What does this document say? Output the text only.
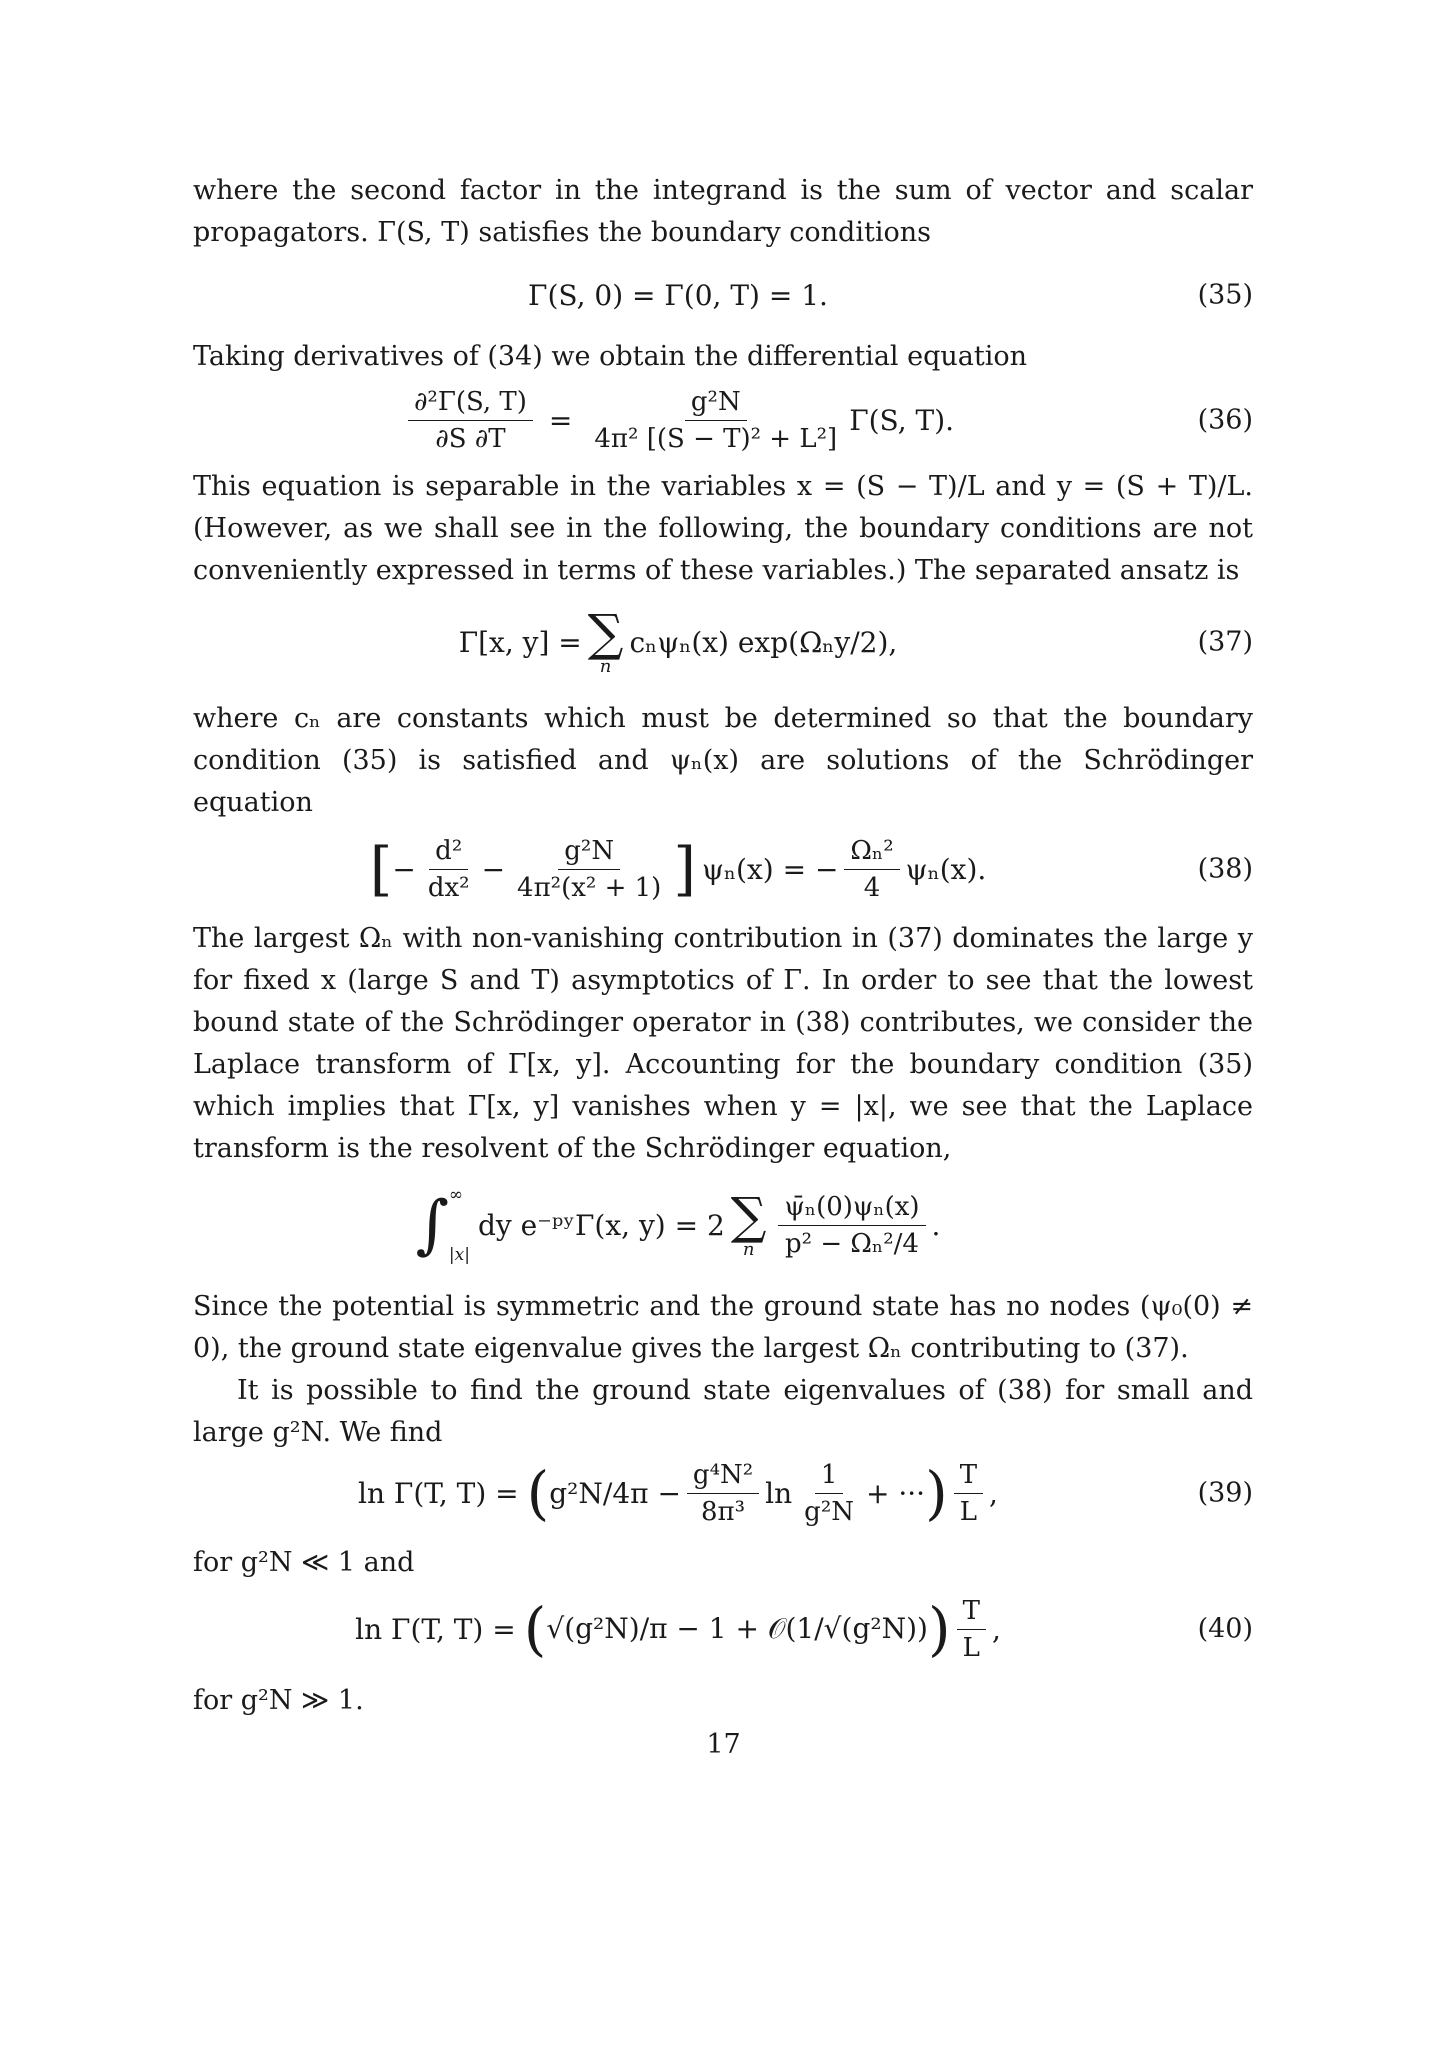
where the second factor in the integrand is the sum of vector and scalar propagators. Γ(S, T) satisfies the boundary conditions

Γ(S, 0) = Γ(0, T) = 1.	(35)

Taking derivatives of (34) we obtain the differential equation

$\frac{\text{∂²Γ(S, T)}}{\partial S \partial T} = \frac{\text{g²N}}{\text{4π² [(S − T)² + L²]}} \Gamma(S$, T).	(36)

This equation is separable in the variables x = (S − T)/L and y = (S + T)/L. (However, as we shall see in the following, the boundary conditions are not conveniently expressed in terms of these variables.) The separated ansatz is

Γ[x, y] = ∑
n
cₙψₙ(x) exp(Ωₙy/2),	(37)

where cₙ are constants which must be determined so that the boundary condition (35) is satisfied and ψₙ(x) are solutions of the Schrödinger equation

[ − $\frac{\text{d²}}{\text{dx²}} - \frac{\text{g²N}}{\text{4π²(x² + 1)}}$ ] ψₙ(x) = − $\frac{\text{Ωₙ²}}{4} \psi_n(x)$.	(38)

The largest Ωₙ with non-vanishing contribution in (37) dominates the large y for fixed x (large S and T) asymptotics of Γ. In order to see that the lowest bound state of the Schrödinger operator in (38) contributes, we consider the Laplace transform of Γ[x, y]. Accounting for the boundary condition (35) which implies that Γ[x, y] vanishes when y = |x|, we see that the Laplace transform is the resolvent of the Schrödinger equation,

∫ ∞
|x|
dy e⁻ᵖʸΓ(x, y) = 2 ∑
n $\frac{\text{ψ̄ₙ(0)ψₙ(x)}}{\text{p² − Ωₙ²/4}}$ .

Since the potential is symmetric and the ground state has no nodes (ψ₀(0) ≠ 0), the ground state eigenvalue gives the largest Ωₙ contributing to (37).

It is possible to find the ground state eigenvalues of (38) for small and large g²N. We find

ln Γ(T, T) = ( $g^2N/4\pi - \frac{\text{g⁴N²}}{\text{8π³}}$ $\ln \frac{1}{\text{g²N}}$ + ··· ) $\frac{T}{L}$ ,	(39)

for g²N ≪ 1 and

ln Γ(T, T) = ( √(g²N)/π − 1 + 𝒪(1/√(g²N)) ) $\frac{T}{L}$ ,	(40)

for g²N ≫ 1.

17
